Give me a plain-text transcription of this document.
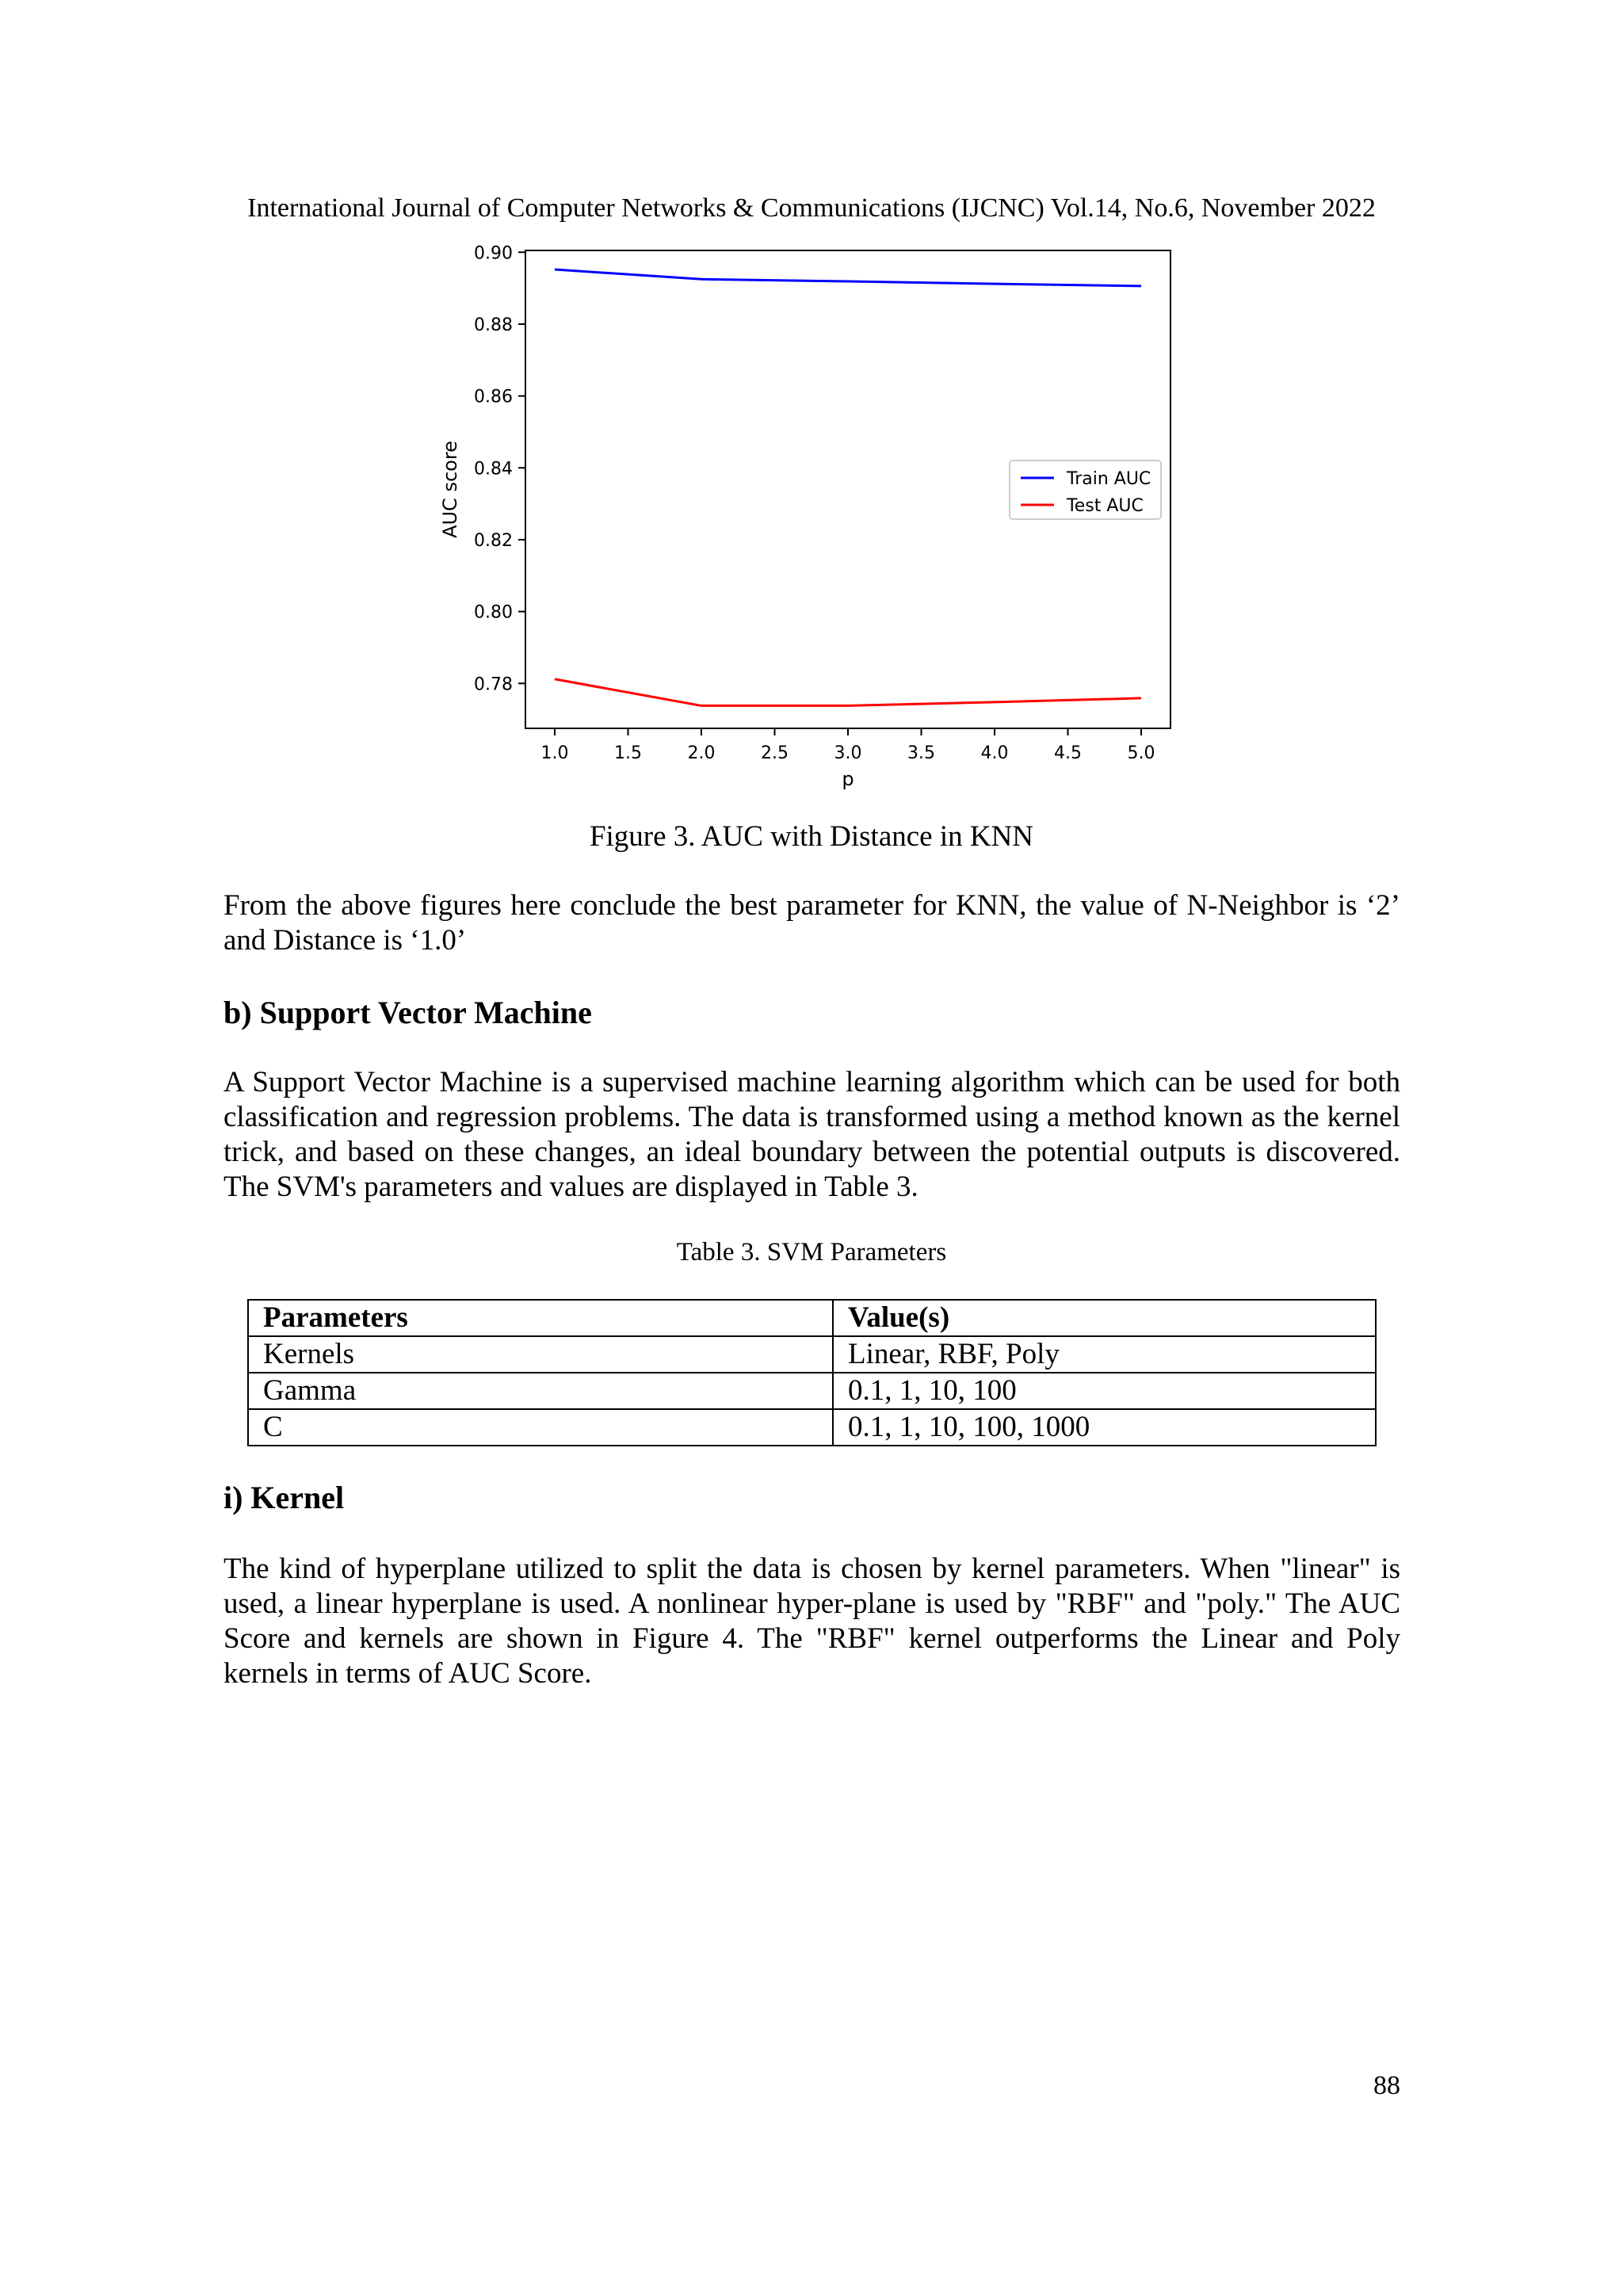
International Journal of Computer Networks & Communications (IJCNC) Vol.14, No.6, November 2022
1.0	1.5	2.0	2.5	3.0	3.5	4.0	4.5	5.0
0.78
0.80
0.82
0.84
0.86
0.88
0.90
p
AUC score	Train AUC
Test AUC
Figure 3. AUC with Distance in KNN
From the above figures here conclude the best parameter for KNN, the value of N-Neighbor is ‘2’ and Distance is ‘1.0’
b) Support Vector Machine
A Support Vector Machine is a supervised machine learning algorithm which can be used for both classification and regression problems. The data is transformed using a method known as the kernel trick, and based on these changes, an ideal boundary between the potential outputs is discovered. The SVM's parameters and values are displayed in Table 3.
Table 3. SVM Parameters
Parameters	Value(s)
Kernels	Linear, RBF, Poly
Gamma	0.1, 1, 10, 100
C	0.1, 1, 10, 100, 1000
i) Kernel
The kind of hyperplane utilized to split the data is chosen by kernel parameters. When "linear" is used, a linear hyperplane is used. A nonlinear hyper-plane is used by "RBF" and "poly." The AUC Score and kernels are shown in Figure 4. The "RBF" kernel outperforms the Linear and Poly kernels in terms of AUC Score.
88
